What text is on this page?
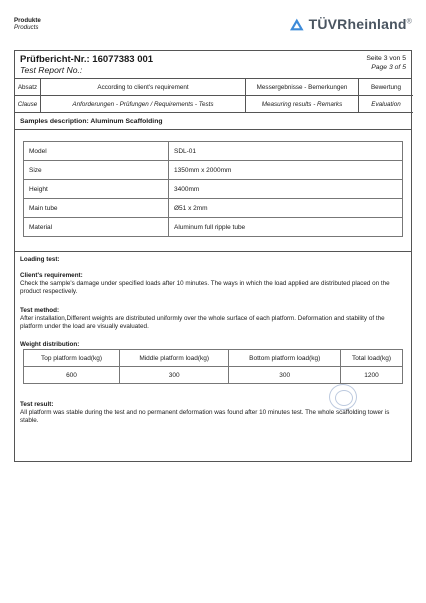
Produkte
Products	TÜVRheinland®
Prüfbericht-Nr.: 16077383 001
Test Report No.:
Seite 3 von 5
Page 3 of 5
Absatz	According to client's requirement	Messergebnisse - Bemerkungen	Bewertung
Clause	Anforderungen - Prüfungen / Requirements - Tests	Measuring results - Remarks	Evaluation
Samples description: Aluminum Scaffolding
Model	SDL-01
Size	1350mm x 2000mm
Height	3400mm
Main tube	Ø51 x 2mm
Material	Aluminum full ripple tube
Loading test:
Client's requirement:
Check the sample's damage under specified loads after 10 minutes. The ways in which the load applied are distributed placed on the product respectively.
Test method:
After installation,Different weights are distributed uniformly over the whole surface of each platform. Deformation and stability of the platform under the load are visually evaluated.
Weight distribution:
Top platform load(kg)	Middle platform load(kg)	Bottom platform load(kg)	Total load(kg)
600	300	300	1200
Test result:
All platform was stable during the test and no permanent deformation was found after 10 minutes test. The whole scaffolding tower is stable.
